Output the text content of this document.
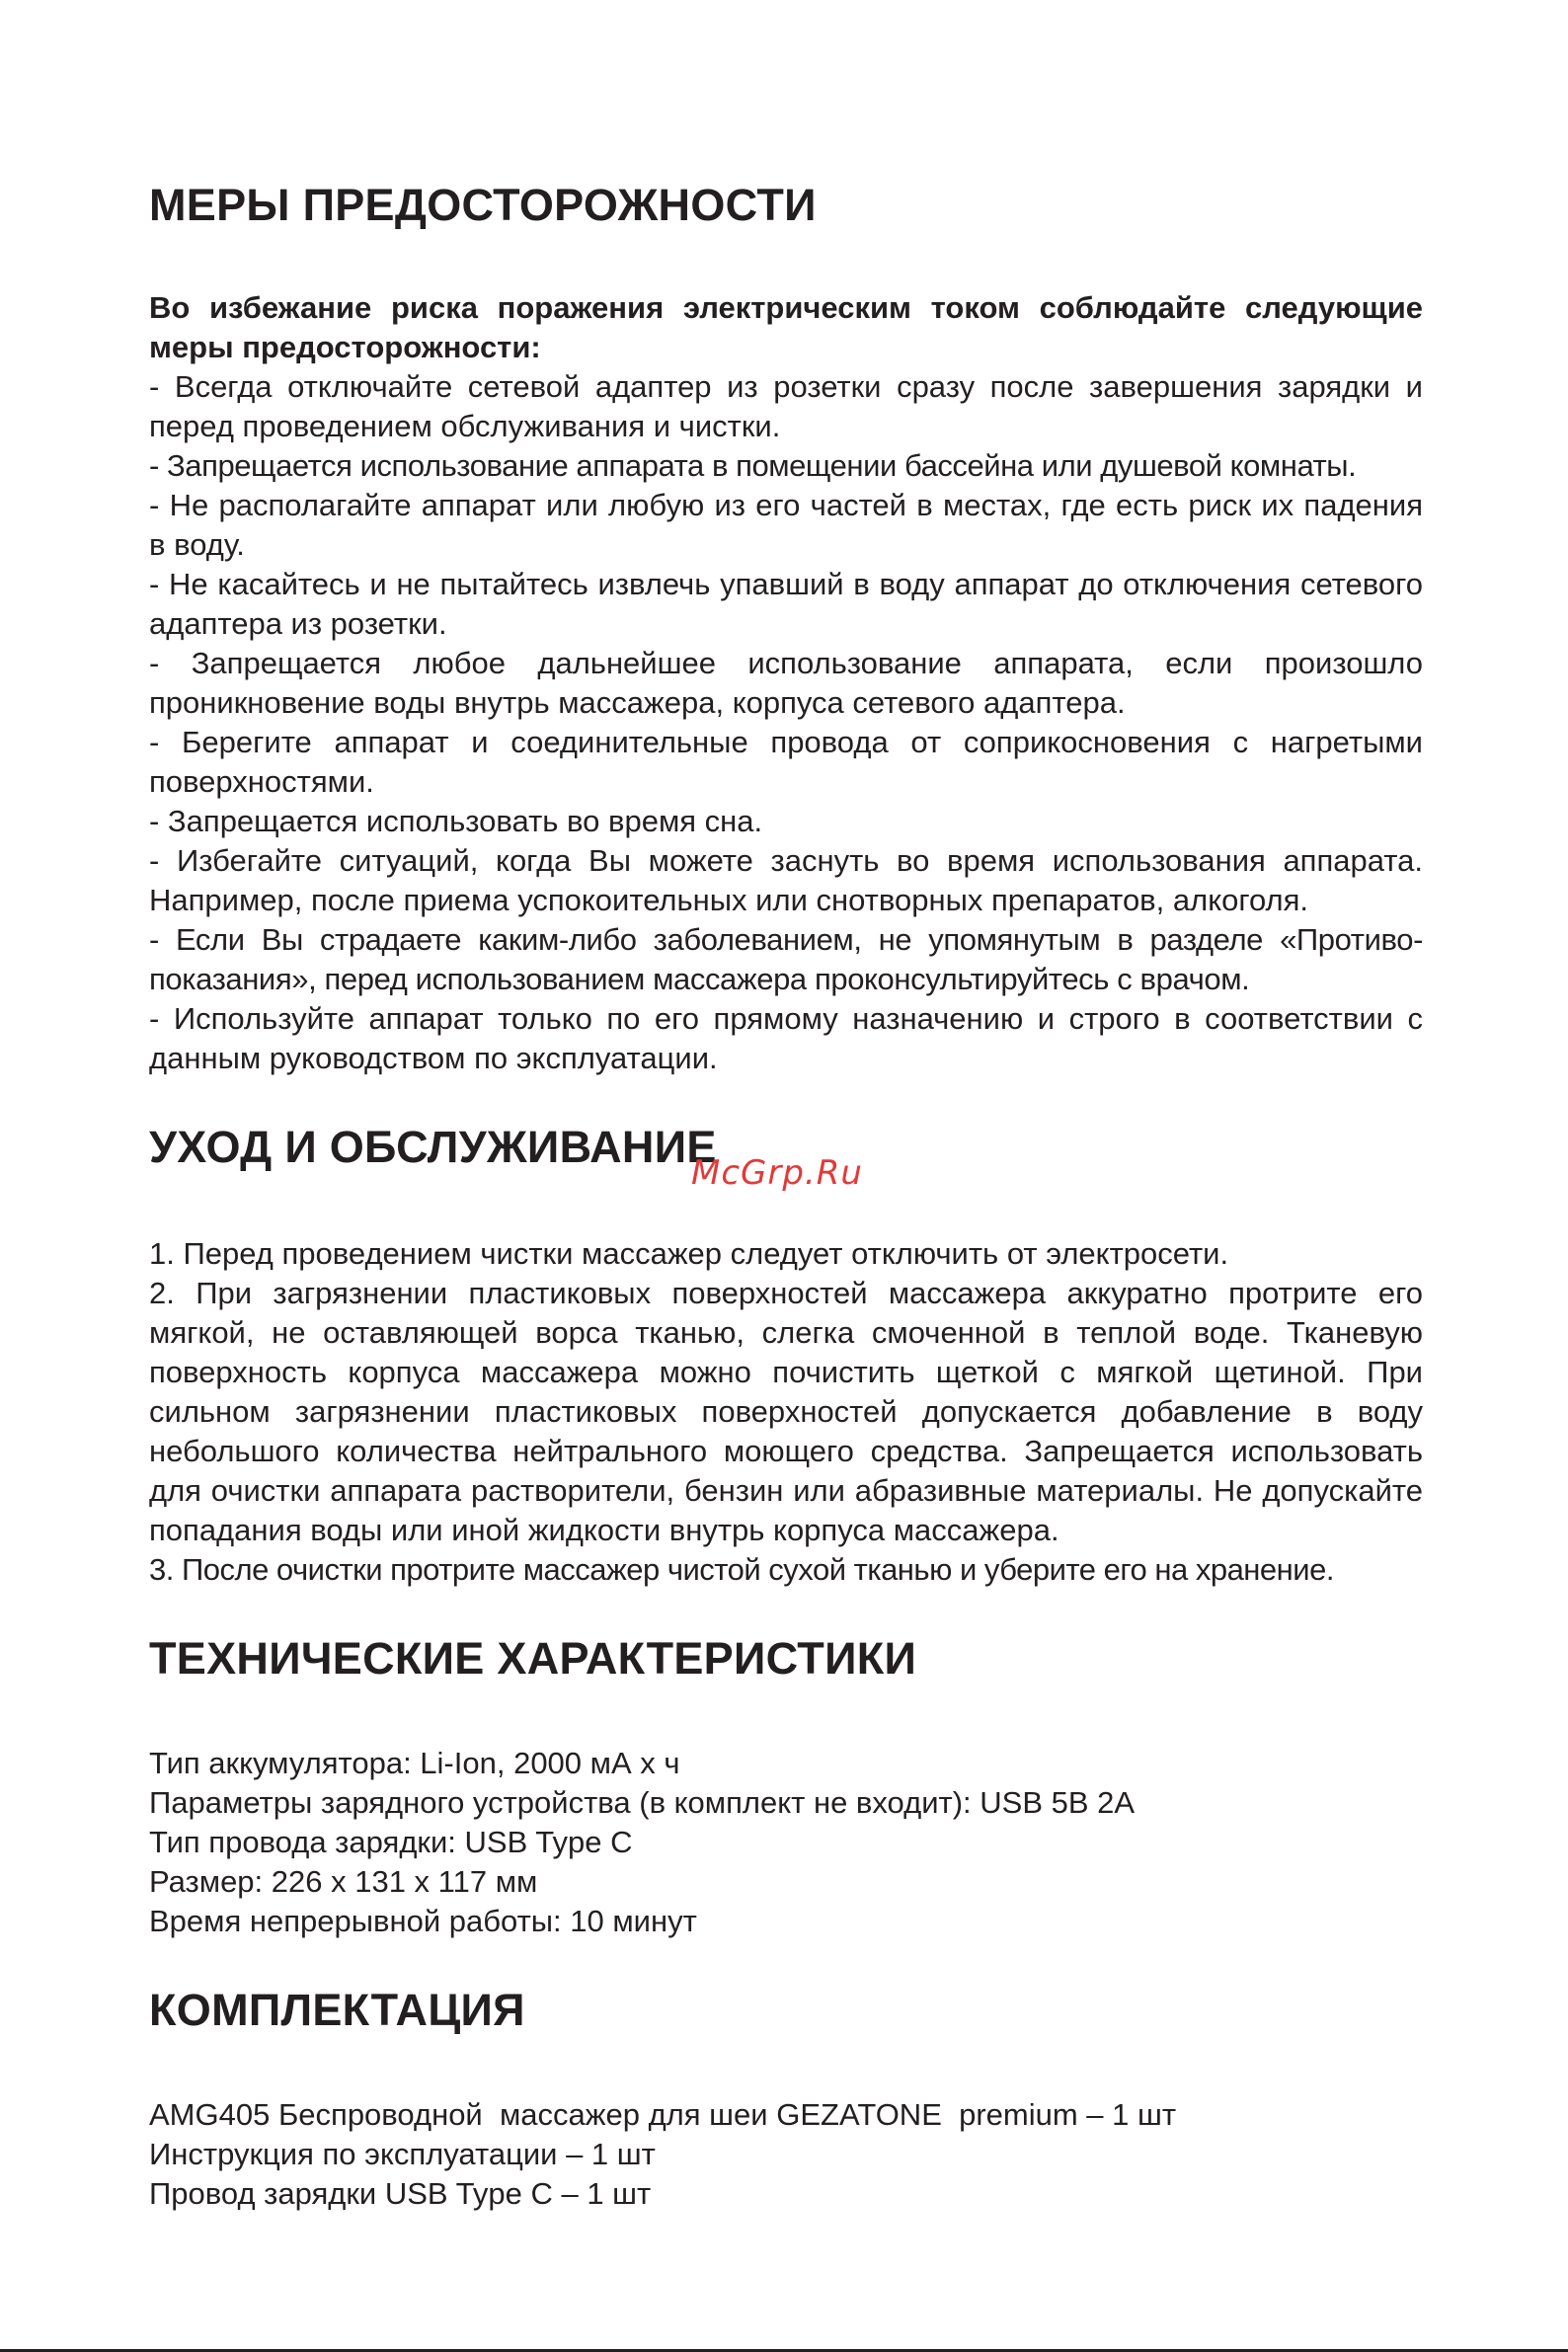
МЕРЫ ПРЕДОСТОРОЖНОСТИ
Во избежание риска поражения электрическим током соблюдайте следующие меры предосторожности:
- Всегда отключайте сетевой адаптер из розетки сразу после завершения зарядки и перед проведением обслуживания и чистки.
- Запрещается использование аппарата в помещении бассейна или душевой комнаты.
- Не располагайте аппарат или любую из его частей в местах, где есть риск их падения в воду.
- Не касайтесь и не пытайтесь извлечь упавший в воду аппарат до отключения сетевого адаптера из розетки.
- Запрещается любое дальнейшее использование аппарата, если произошло проникновение воды внутрь массажера, корпуса сетевого адаптера.
- Берегите аппарат и соединительные провода от соприкосновения с нагретыми поверхностями.
- Запрещается использовать во время сна.
- Избегайте ситуаций, когда Вы можете заснуть во время использования аппарата. Например, после приема успокоительных или снотворных препаратов, алкоголя.
- Если Вы страдаете каким-либо заболеванием, не упомянутым в разделе «Противо-показания», перед использованием массажера проконсультируйтесь с врачом.
- Используйте аппарат только по его прямому назначению и строго в соответствии с данным руководством по эксплуатации.
УХОД И ОБСЛУЖИВАНИЕ
1. Перед проведением чистки массажер следует отключить от электросети.
2. При загрязнении пластиковых поверхностей массажера аккуратно протрите его мягкой, не оставляющей ворса тканью, слегка смоченной в теплой воде. Тканевую поверхность корпуса массажера можно почистить щеткой с мягкой щетиной. При сильном загрязнении пластиковых поверхностей допускается добавление в воду небольшого количества нейтрального моющего средства. Запрещается использовать для очистки аппарата растворители, бензин или абразивные материалы. Не допускайте попадания воды или иной жидкости внутрь корпуса массажера.
3. После очистки протрите массажер чистой сухой тканью и уберите его на хранение.
ТЕХНИЧЕСКИЕ ХАРАКТЕРИСТИКИ
Тип аккумулятора: Li-Ion, 2000 мА х ч
Параметры зарядного устройства (в комплект не входит): USB 5В 2А
Тип провода зарядки: USB Type C
Размер: 226 х 131 х 117 мм
Время непрерывной работы: 10 минут
КОМПЛЕКТАЦИЯ
AMG405 Беспроводной  массажер для шеи GEZATONE  premium – 1 шт
Инструкция по эксплуатации – 1 шт
Провод зарядки USB Type C – 1 шт
McGrp.Ru
